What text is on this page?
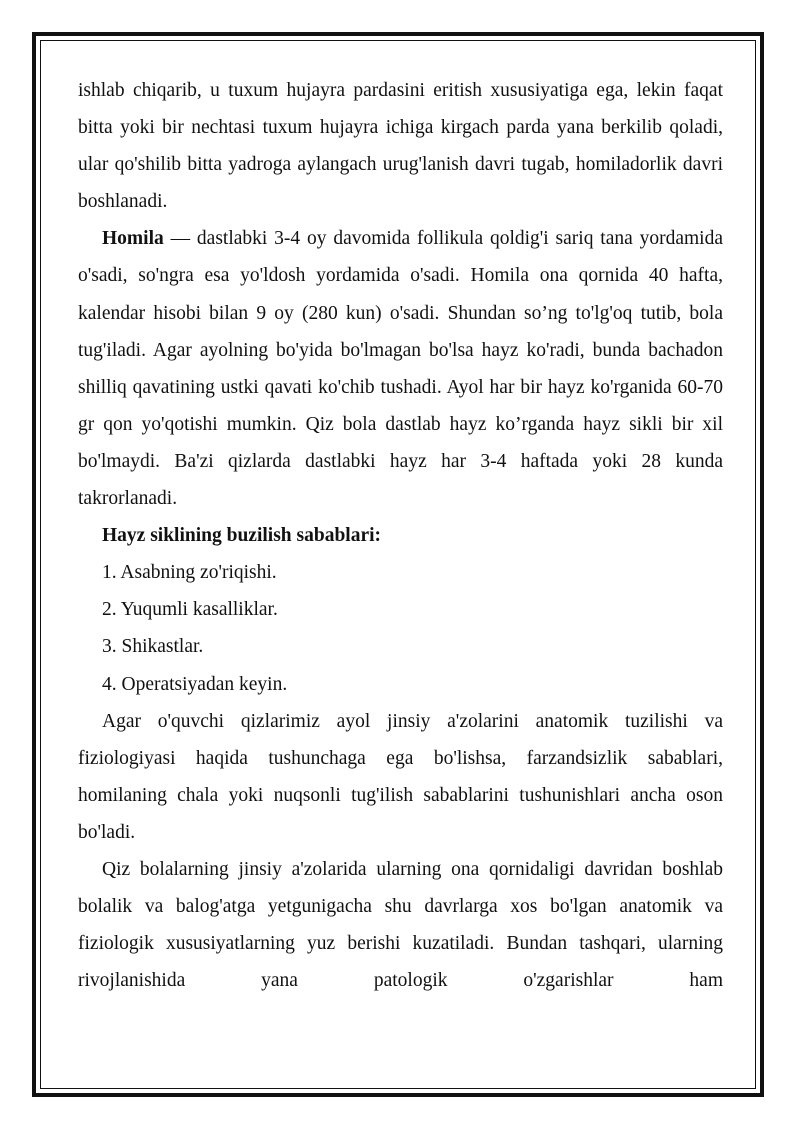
ishlab chiqarib, u tuxum hujayra pardasini eritish xususiyatiga ega, lekin faqat bitta yoki bir nechtasi tuxum hujayra ichiga kirgach parda yana berkilib qoladi, ular qo'shilib bitta yadroga aylangach urug'lanish davri tugab, homiladorlik davri boshlanadi.

Homila — dastlabki 3-4 oy davomida follikula qoldig'i sariq tana yordamida o'sadi, so'ngra esa yo'ldosh yordamida o'sadi. Homila ona qornida 40 hafta, kalendar hisobi bilan 9 oy (280 kun) o'sadi. Shundan so’ng to'lg'oq tutib, bola tug'iladi. Agar ayolning bo'yida bo'lmagan bo'lsa hayz ko'radi, bunda bachadon shilliq qavatining ustki qavati ko'chib tushadi. Ayol har bir hayz ko'rganida 60-70 gr qon yo'qotishi mumkin. Qiz bola dastlab hayz ko’rganda hayz sikli bir xil bo'lmaydi. Ba'zi qizlarda dastlabki hayz har 3-4 haftada yoki 28 kunda takrorlanadi.

Hayz siklining buzilish sabablari:

1. Asabning zo'riqishi.

2. Yuqumli kasalliklar.

3. Shikastlar.

4. Operatsiyadan keyin.

Agar o'quvchi qizlarimiz ayol jinsiy a'zolarini anatomik tuzilishi va fiziologiyasi haqida tushunchaga ega bo'lishsa, farzandsizlik sabablari, homilaning chala yoki nuqsonli tug'ilish sabablarini tushunishlari ancha oson bo'ladi.

Qiz bolalarning jinsiy a'zolarida ularning ona qornidaligi davridan boshlab bolalik va balog'atga yetgunigacha shu davrlarga xos bo'lgan anatomik va fiziologik xususiyatlarning yuz berishi kuzatiladi. Bundan tashqari, ularning rivojlanishida yana patologik o'zgarishlar ham
